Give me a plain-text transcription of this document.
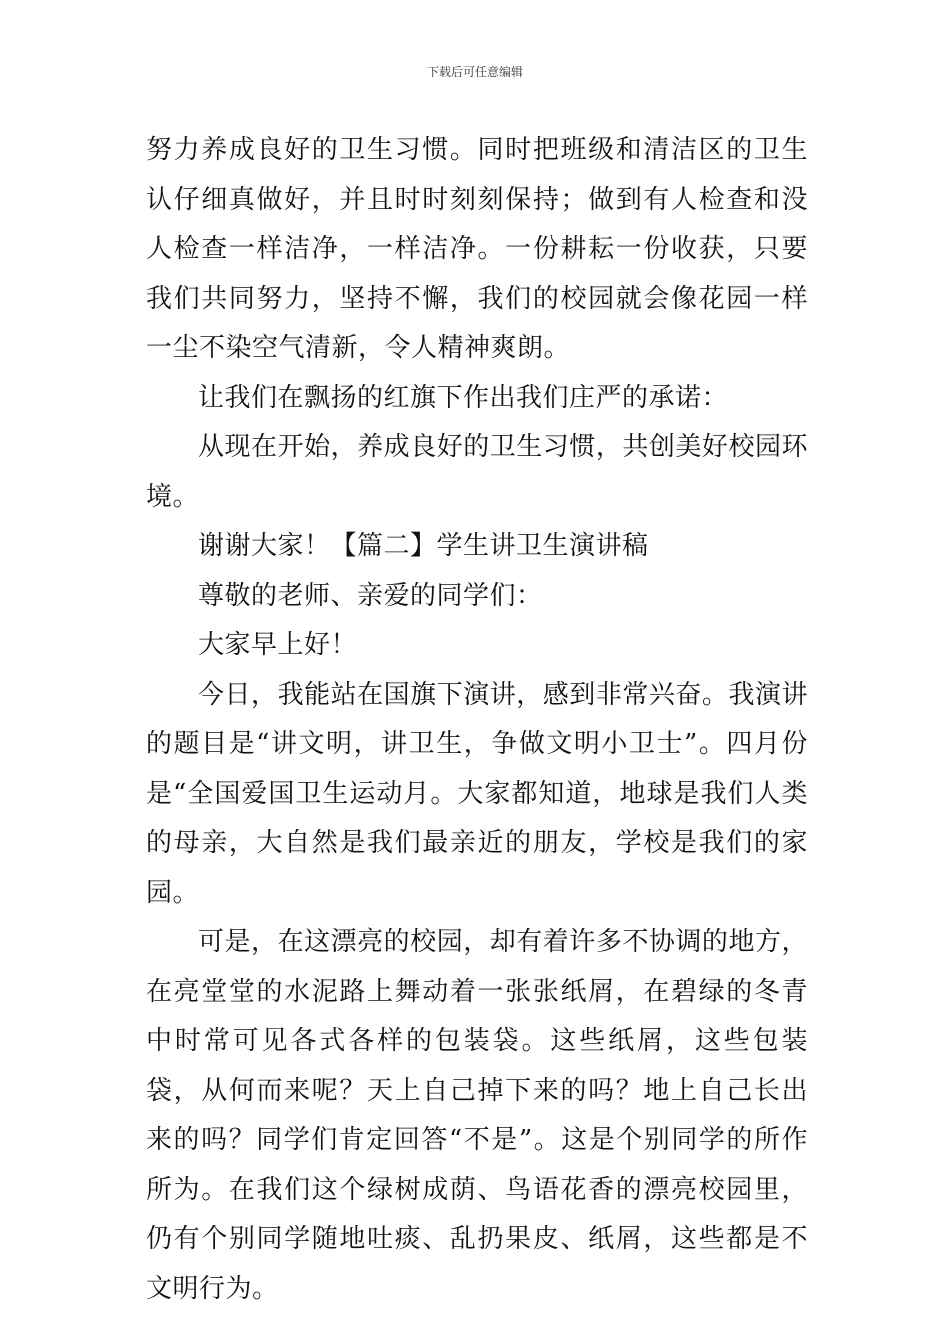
下载后可任意编辑

努力养成良好的卫生习惯。同时把班级和清洁区的卫生认仔细真做好，并且时时刻刻保持；做到有人检查和没人检查一样洁净，一样洁净。一份耕耘一份收获，只要我们共同努力，坚持不懈，我们的校园就会像花园一样一尘不染空气清新，令人精神爽朗。

让我们在飘扬的红旗下作出我们庄严的承诺：

从现在开始，养成良好的卫生习惯，共创美好校园环境。

谢谢大家！【篇二】学生讲卫生演讲稿

尊敬的老师、亲爱的同学们：

大家早上好！

今日，我能站在国旗下演讲，感到非常兴奋。我演讲的题目是“讲文明，讲卫生，争做文明小卫士”。四月份是“全国爱国卫生运动月。大家都知道，地球是我们人类的母亲，大自然是我们最亲近的朋友，学校是我们的家园。

可是，在这漂亮的校园，却有着许多不协调的地方，在亮堂堂的水泥路上舞动着一张张纸屑，在碧绿的冬青中时常可见各式各样的包装袋。这些纸屑，这些包装袋，从何而来呢？天上自己掉下来的吗？地上自己长出来的吗？同学们肯定回答“不是”。这是个别同学的所作所为。在我们这个绿树成荫、鸟语花香的漂亮校园里，仍有个别同学随地吐痰、乱扔果皮、纸屑，这些都是不文明行为。
